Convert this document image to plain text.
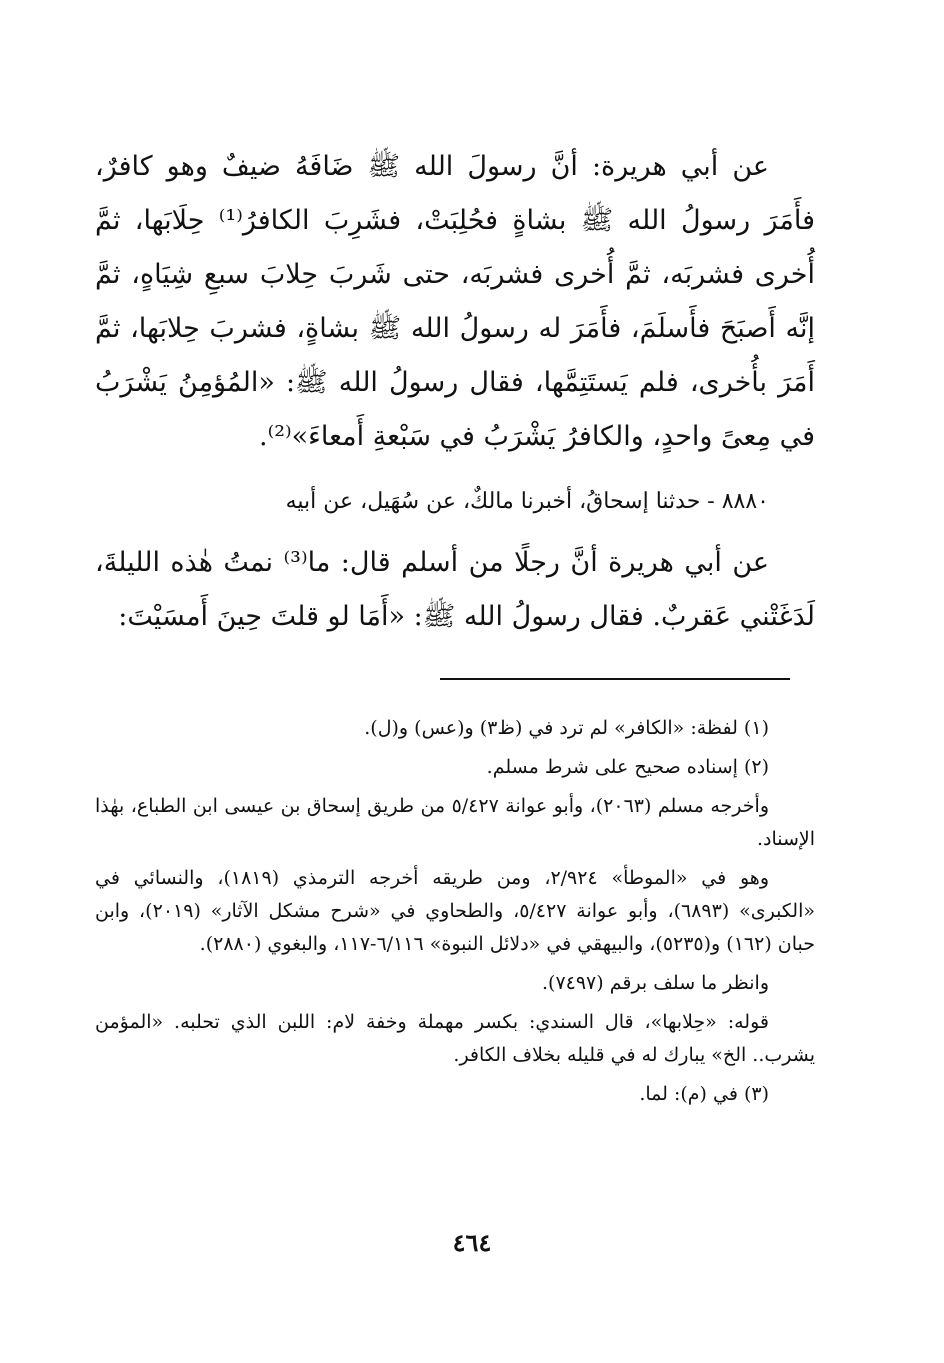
عن أبي هريرة: أنَّ رسولَ الله ﷺ ضَافَهُ ضيفٌ وهو كافرٌ، فأَمَرَ رسولُ الله ﷺ بشاةٍ فحُلِبَتْ، فشَرِبَ الكافرُ⁽¹⁾ حِلَابَها، ثمَّ أُخرى فشربَه، ثمَّ أُخرى فشربَه، حتى شَربَ حِلابَ سبعِ شِيَاهٍ، ثمَّ إنَّه أَصبَحَ فأَسلَمَ، فأَمَرَ له رسولُ الله ﷺ بشاةٍ، فشربَ حِلابَها، ثمَّ أَمَرَ بأُخرى، فلم يَستَتِمَّها، فقال رسولُ الله ﷺ: «المُؤمِنُ يَشْرَبُ في مِعىً واحدٍ، والكافرُ يَشْرَبُ في سَبْعةِ أَمعاءَ»⁽²⁾.

٨٨٨٠ - حدثنا إسحاقُ، أخبرنا مالكٌ، عن سُهَيل، عن أبيه

عن أبي هريرة أنَّ رجلًا من أسلم قال: ما⁽³⁾ نمتُ هٰذه الليلةَ، لَدَغَتْني عَقربٌ. فقال رسولُ الله ﷺ: «أَمَا لو قلتَ حِينَ أَمسَيْتَ:

(١) لفظة: «الكافر» لم ترد في (ظ٣) و(عس) و(ل).

(٢) إسناده صحيح على شرط مسلم.

وأخرجه مسلم (٢٠٦٣)، وأبو عوانة ٥/٤٢٧ من طريق إسحاق بن عيسى ابن الطباع، بهٰذا الإسناد.

وهو في «الموطأ» ٢/٩٢٤، ومن طريقه أخرجه الترمذي (١٨١٩)، والنسائي في «الكبرى» (٦٨٩٣)، وأبو عوانة ٥/٤٢٧، والطحاوي في «شرح مشكل الآثار» (٢٠١٩)، وابن حبان (١٦٢) و(٥٢٣٥)، والبيهقي في «دلائل النبوة» ٦/١١٦-١١٧، والبغوي (٢٨٨٠).

وانظر ما سلف برقم (٧٤٩٧).

قوله: «حِلابها»، قال السندي: بكسر مهملة وخفة لام: اللبن الذي تحلبه. «المؤمن يشرب.. الخ» يبارك له في قليله بخلاف الكافر.

(٣) في (م): لما.

٤٦٤
